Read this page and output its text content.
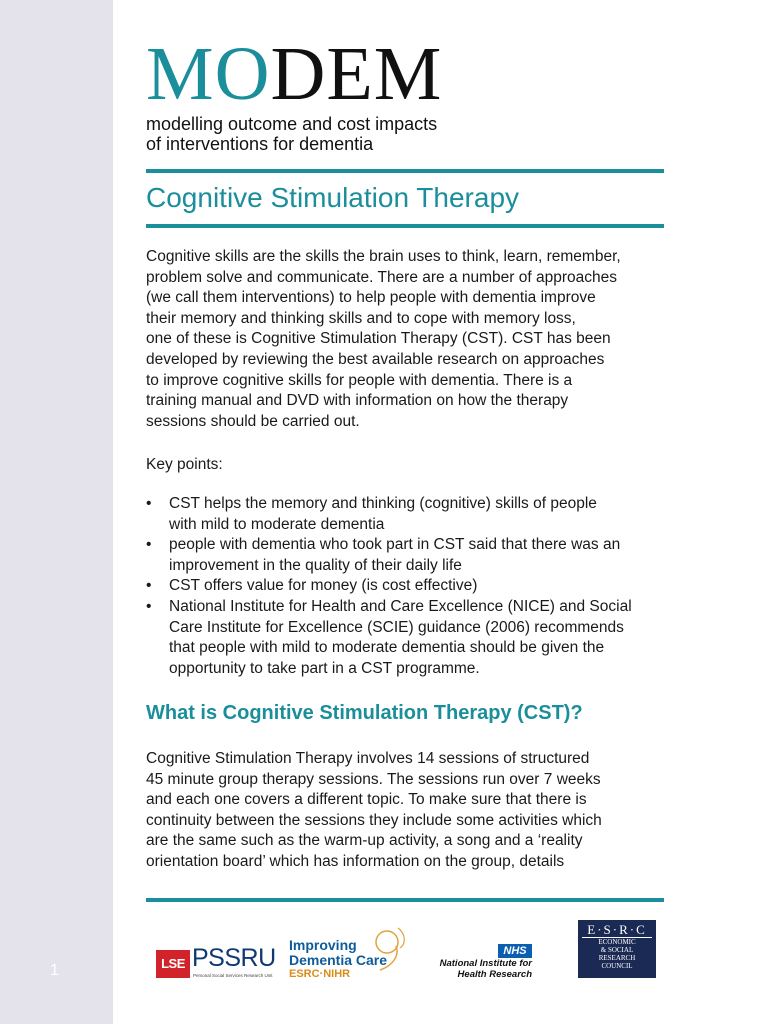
1
MODEM
modelling outcome and cost impacts
of interventions for dementia
Cognitive Stimulation Therapy
Cognitive skills are the skills the brain uses to think, learn, remember,
problem solve and communicate. There are a number of approaches
(we call them interventions) to help people with dementia improve
their memory and thinking skills and to cope with memory loss,
one of these is Cognitive Stimulation Therapy (CST). CST has been
developed by reviewing the best available research on approaches
to improve cognitive skills for people with dementia. There is a
training manual and DVD with information on how the therapy
sessions should be carried out.
Key points:
• CST helps the memory and thinking (cognitive) skills of people
with mild to moderate dementia
• people with dementia who took part in CST said that there was an
improvement in the quality of their daily life
• CST offers value for money (is cost effective)
• National Institute for Health and Care Excellence (NICE) and Social
Care Institute for Excellence (SCIE) guidance (2006) recommends
that people with mild to moderate dementia should be given the
opportunity to take part in a CST programme.
What is Cognitive Stimulation Therapy (CST)?
Cognitive Stimulation Therapy involves 14 sessions of structured
45 minute group therapy sessions. The sessions run over 7 weeks
and each one covers a different topic. To make sure that there is
continuity between the sessions they include some activities which
are the same such as the warm-up activity, a song and a ‘reality
orientation board’ which has information on the group, details
LSE PSSRU
Personal Social Services Research Unit
Improving
Dementia Care
ESRC·NIHR
NHS
National Institute for
Health Research
E·S·R·C
ECONOMIC
& SOCIAL
RESEARCH
COUNCIL
